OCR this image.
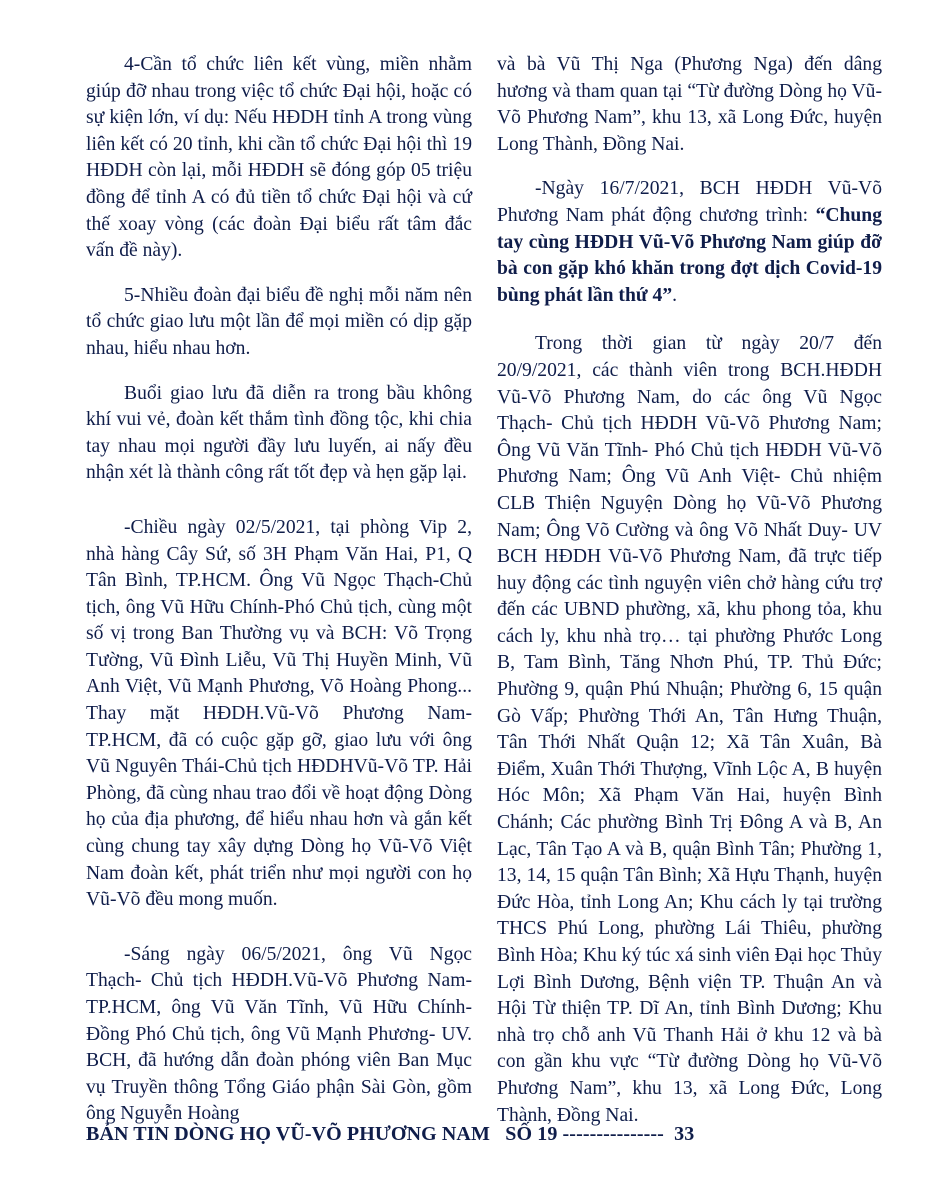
4-Cần tổ chức liên kết vùng, miền nhằm giúp đỡ nhau trong việc tổ chức Đại hội, hoặc có sự kiện lớn, ví dụ: Nếu HĐDH tỉnh A trong vùng liên kết có 20 tỉnh, khi cần tổ chức Đại hội thì 19 HĐDH còn lại, mỗi HĐDH sẽ đóng góp 05 triệu đồng để tỉnh A có đủ tiền tổ chức Đại hội và cứ thế xoay vòng (các đoàn Đại biểu rất tâm đắc vấn đề này).

5-Nhiều đoàn đại biểu đề nghị mỗi năm nên tổ chức giao lưu một lần để mọi miền có dịp gặp nhau, hiểu nhau hơn.

Buổi giao lưu đã diễn ra trong bầu không khí vui vẻ, đoàn kết thắm tình đồng tộc, khi chia tay nhau mọi người đầy lưu luyến, ai nấy đều nhận xét là thành công rất tốt đẹp và hẹn gặp lại.

-Chiều ngày 02/5/2021, tại phòng Vip 2, nhà hàng Cây Sứ, số 3H Phạm Văn Hai, P1, Q Tân Bình, TP.HCM. Ông Vũ Ngọc Thạch-Chủ tịch, ông Vũ Hữu Chính-Phó Chủ tịch, cùng một số vị trong Ban Thường vụ và BCH: Võ Trọng Tường, Vũ Đình Liễu, Vũ Thị Huyền Minh, Vũ Anh Việt, Vũ Mạnh Phương, Võ Hoàng Phong... Thay mặt HĐDH.Vũ-Võ Phương Nam-TP.HCM, đã có cuộc gặp gỡ, giao lưu với ông Vũ Nguyên Thái-Chủ tịch HĐDHVũ-Võ TP. Hải Phòng, đã cùng nhau trao đổi về hoạt động Dòng họ của địa phương, để hiểu nhau hơn và gắn kết cùng chung tay xây dựng Dòng họ Vũ-Võ Việt Nam đoàn kết, phát triển như mọi người con họ Vũ-Võ đều mong muốn.

-Sáng ngày 06/5/2021, ông Vũ Ngọc Thạch- Chủ tịch HĐDH.Vũ-Võ Phương Nam-TP.HCM, ông Vũ Văn Tĩnh, Vũ Hữu Chính- Đồng Phó Chủ tịch, ông Vũ Mạnh Phương- UV. BCH, đã hướng dẫn đoàn phóng viên Ban Mục vụ Truyền thông Tổng Giáo phận Sài Gòn, gồm ông Nguyễn Hoàng

và bà Vũ Thị Nga (Phương Nga) đến dâng hương và tham quan tại “Từ đường Dòng họ Vũ-Võ Phương Nam”, khu 13, xã Long Đức, huyện Long Thành, Đồng Nai.

-Ngày 16/7/2021, BCH HĐDH Vũ-Võ Phương Nam phát động chương trình: “Chung tay cùng HĐDH Vũ-Võ Phương Nam giúp đỡ bà con gặp khó khăn trong đợt dịch Covid-19 bùng phát lần thứ 4”.

Trong thời gian từ ngày 20/7 đến 20/9/2021, các thành viên trong BCH.HĐDH Vũ-Võ Phương Nam, do các ông Vũ Ngọc Thạch- Chủ tịch HĐDH Vũ-Võ Phương Nam; Ông Vũ Văn Tĩnh- Phó Chủ tịch HĐDH Vũ-Võ Phương Nam; Ông Vũ Anh Việt- Chủ nhiệm CLB Thiện Nguyện Dòng họ Vũ-Võ Phương Nam; Ông Võ Cường và ông Võ Nhất Duy- UV BCH HĐDH Vũ-Võ Phương Nam, đã trực tiếp huy động các tình nguyện viên chở hàng cứu trợ đến các UBND phường, xã, khu phong tỏa, khu cách ly, khu nhà trọ… tại phường Phước Long B, Tam Bình, Tăng Nhơn Phú, TP. Thủ Đức; Phường 9, quận Phú Nhuận; Phường 6, 15 quận Gò Vấp; Phường Thới An, Tân Hưng Thuận, Tân Thới Nhất Quận 12; Xã Tân Xuân, Bà Điểm, Xuân Thới Thượng, Vĩnh Lộc A, B huyện Hóc Môn; Xã Phạm Văn Hai, huyện Bình Chánh; Các phường Bình Trị Đông A và B, An Lạc, Tân Tạo A và B, quận Bình Tân; Phường 1, 13, 14, 15 quận Tân Bình; Xã Hựu Thạnh, huyện Đức Hòa, tỉnh Long An; Khu cách ly tại trường THCS Phú Long, phường Lái Thiêu, phường Bình Hòa; Khu ký túc xá sinh viên Đại học Thủy Lợi Bình Dương, Bệnh viện TP. Thuận An và Hội Từ thiện TP. Dĩ An, tỉnh Bình Dương; Khu nhà trọ chỗ anh Vũ Thanh Hải ở khu 12 và bà con gần khu vực “Từ đường Dòng họ Vũ-Võ Phương Nam”, khu 13, xã Long Đức, Long Thành, Đồng Nai.

BẢN TIN DÒNG HỌ VŨ-VÕ PHƯƠNG NAM SỐ 19 --------------- 33
